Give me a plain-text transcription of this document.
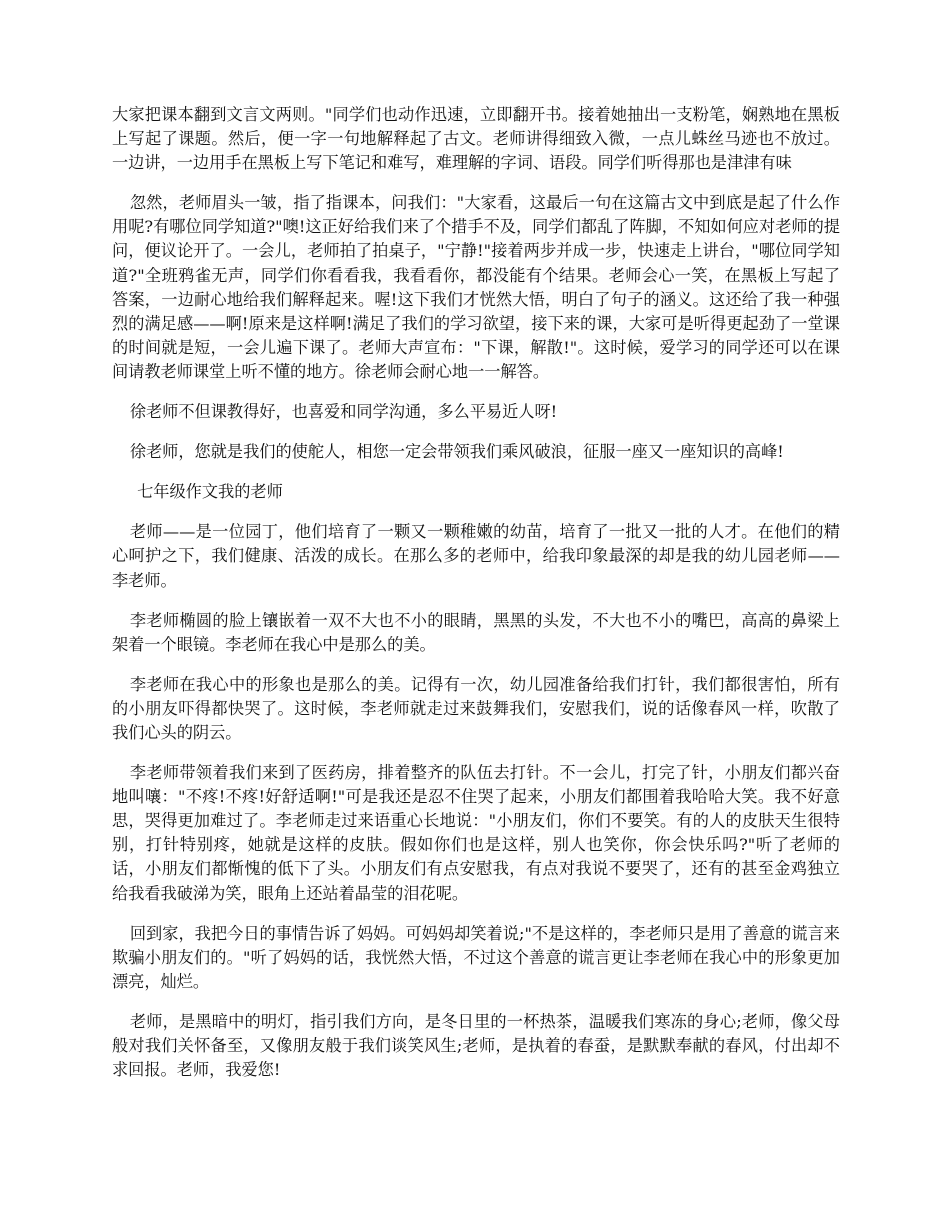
大家把课本翻到文言文两则。"同学们也动作迅速，立即翻开书。接着她抽出一支粉笔，娴熟地在黑板上写起了课题。然后，便一字一句地解释起了古文。老师讲得细致入微，一点儿蛛丝马迹也不放过。一边讲，一边用手在黑板上写下笔记和难写，难理解的字词、语段。同学们听得那也是津津有味

忽然，老师眉头一皱，指了指课本，问我们："大家看，这最后一句在这篇古文中到底是起了什么作用呢?有哪位同学知道?"噢!这正好给我们来了个措手不及，同学们都乱了阵脚，不知如何应对老师的提问，便议论开了。一会儿，老师拍了拍桌子，"宁静!"接着两步并成一步，快速走上讲台，"哪位同学知道?"全班鸦雀无声，同学们你看看我，我看看你，都没能有个结果。老师会心一笑，在黑板上写起了答案，一边耐心地给我们解释起来。喔!这下我们才恍然大悟，明白了句子的涵义。这还给了我一种强烈的满足感——啊!原来是这样啊!满足了我们的学习欲望，接下来的课，大家可是听得更起劲了一堂课的时间就是短，一会儿遍下课了。老师大声宣布："下课，解散!"。这时候，爱学习的同学还可以在课间请教老师课堂上听不懂的地方。徐老师会耐心地一一解答。

徐老师不但课教得好，也喜爱和同学沟通，多么平易近人呀!

徐老师，您就是我们的使舵人，相您一定会带领我们乘风破浪，征服一座又一座知识的高峰!

七年级作文我的老师

老师——是一位园丁，他们培育了一颗又一颗稚嫩的幼苗，培育了一批又一批的人才。在他们的精心呵护之下，我们健康、活泼的成长。在那么多的老师中，给我印象最深的却是我的幼儿园老师——李老师。

李老师椭圆的脸上镶嵌着一双不大也不小的眼睛，黑黑的头发，不大也不小的嘴巴，高高的鼻梁上架着一个眼镜。李老师在我心中是那么的美。

李老师在我心中的形象也是那么的美。记得有一次，幼儿园准备给我们打针，我们都很害怕，所有的小朋友吓得都快哭了。这时候，李老师就走过来鼓舞我们，安慰我们，说的话像春风一样，吹散了我们心头的阴云。

李老师带领着我们来到了医药房，排着整齐的队伍去打针。不一会儿，打完了针，小朋友们都兴奋地叫嚷："不疼!不疼!好舒适啊!"可是我还是忍不住哭了起来，小朋友们都围着我哈哈大笑。我不好意思，哭得更加难过了。李老师走过来语重心长地说："小朋友们，你们不要笑。有的人的皮肤天生很特别，打针特别疼，她就是这样的皮肤。假如你们也是这样，别人也笑你，你会快乐吗?"听了老师的话，小朋友们都惭愧的低下了头。小朋友们有点安慰我，有点对我说不要哭了，还有的甚至金鸡独立给我看我破涕为笑，眼角上还站着晶莹的泪花呢。

回到家，我把今日的事情告诉了妈妈。可妈妈却笑着说;"不是这样的，李老师只是用了善意的谎言来欺骗小朋友们的。"听了妈妈的话，我恍然大悟，不过这个善意的谎言更让李老师在我心中的形象更加漂亮，灿烂。

老师，是黑暗中的明灯，指引我们方向，是冬日里的一杯热茶，温暖我们寒冻的身心;老师，像父母般对我们关怀备至，又像朋友般于我们谈笑风生;老师，是执着的春蚕，是默默奉献的春风，付出却不求回报。老师，我爱您!
